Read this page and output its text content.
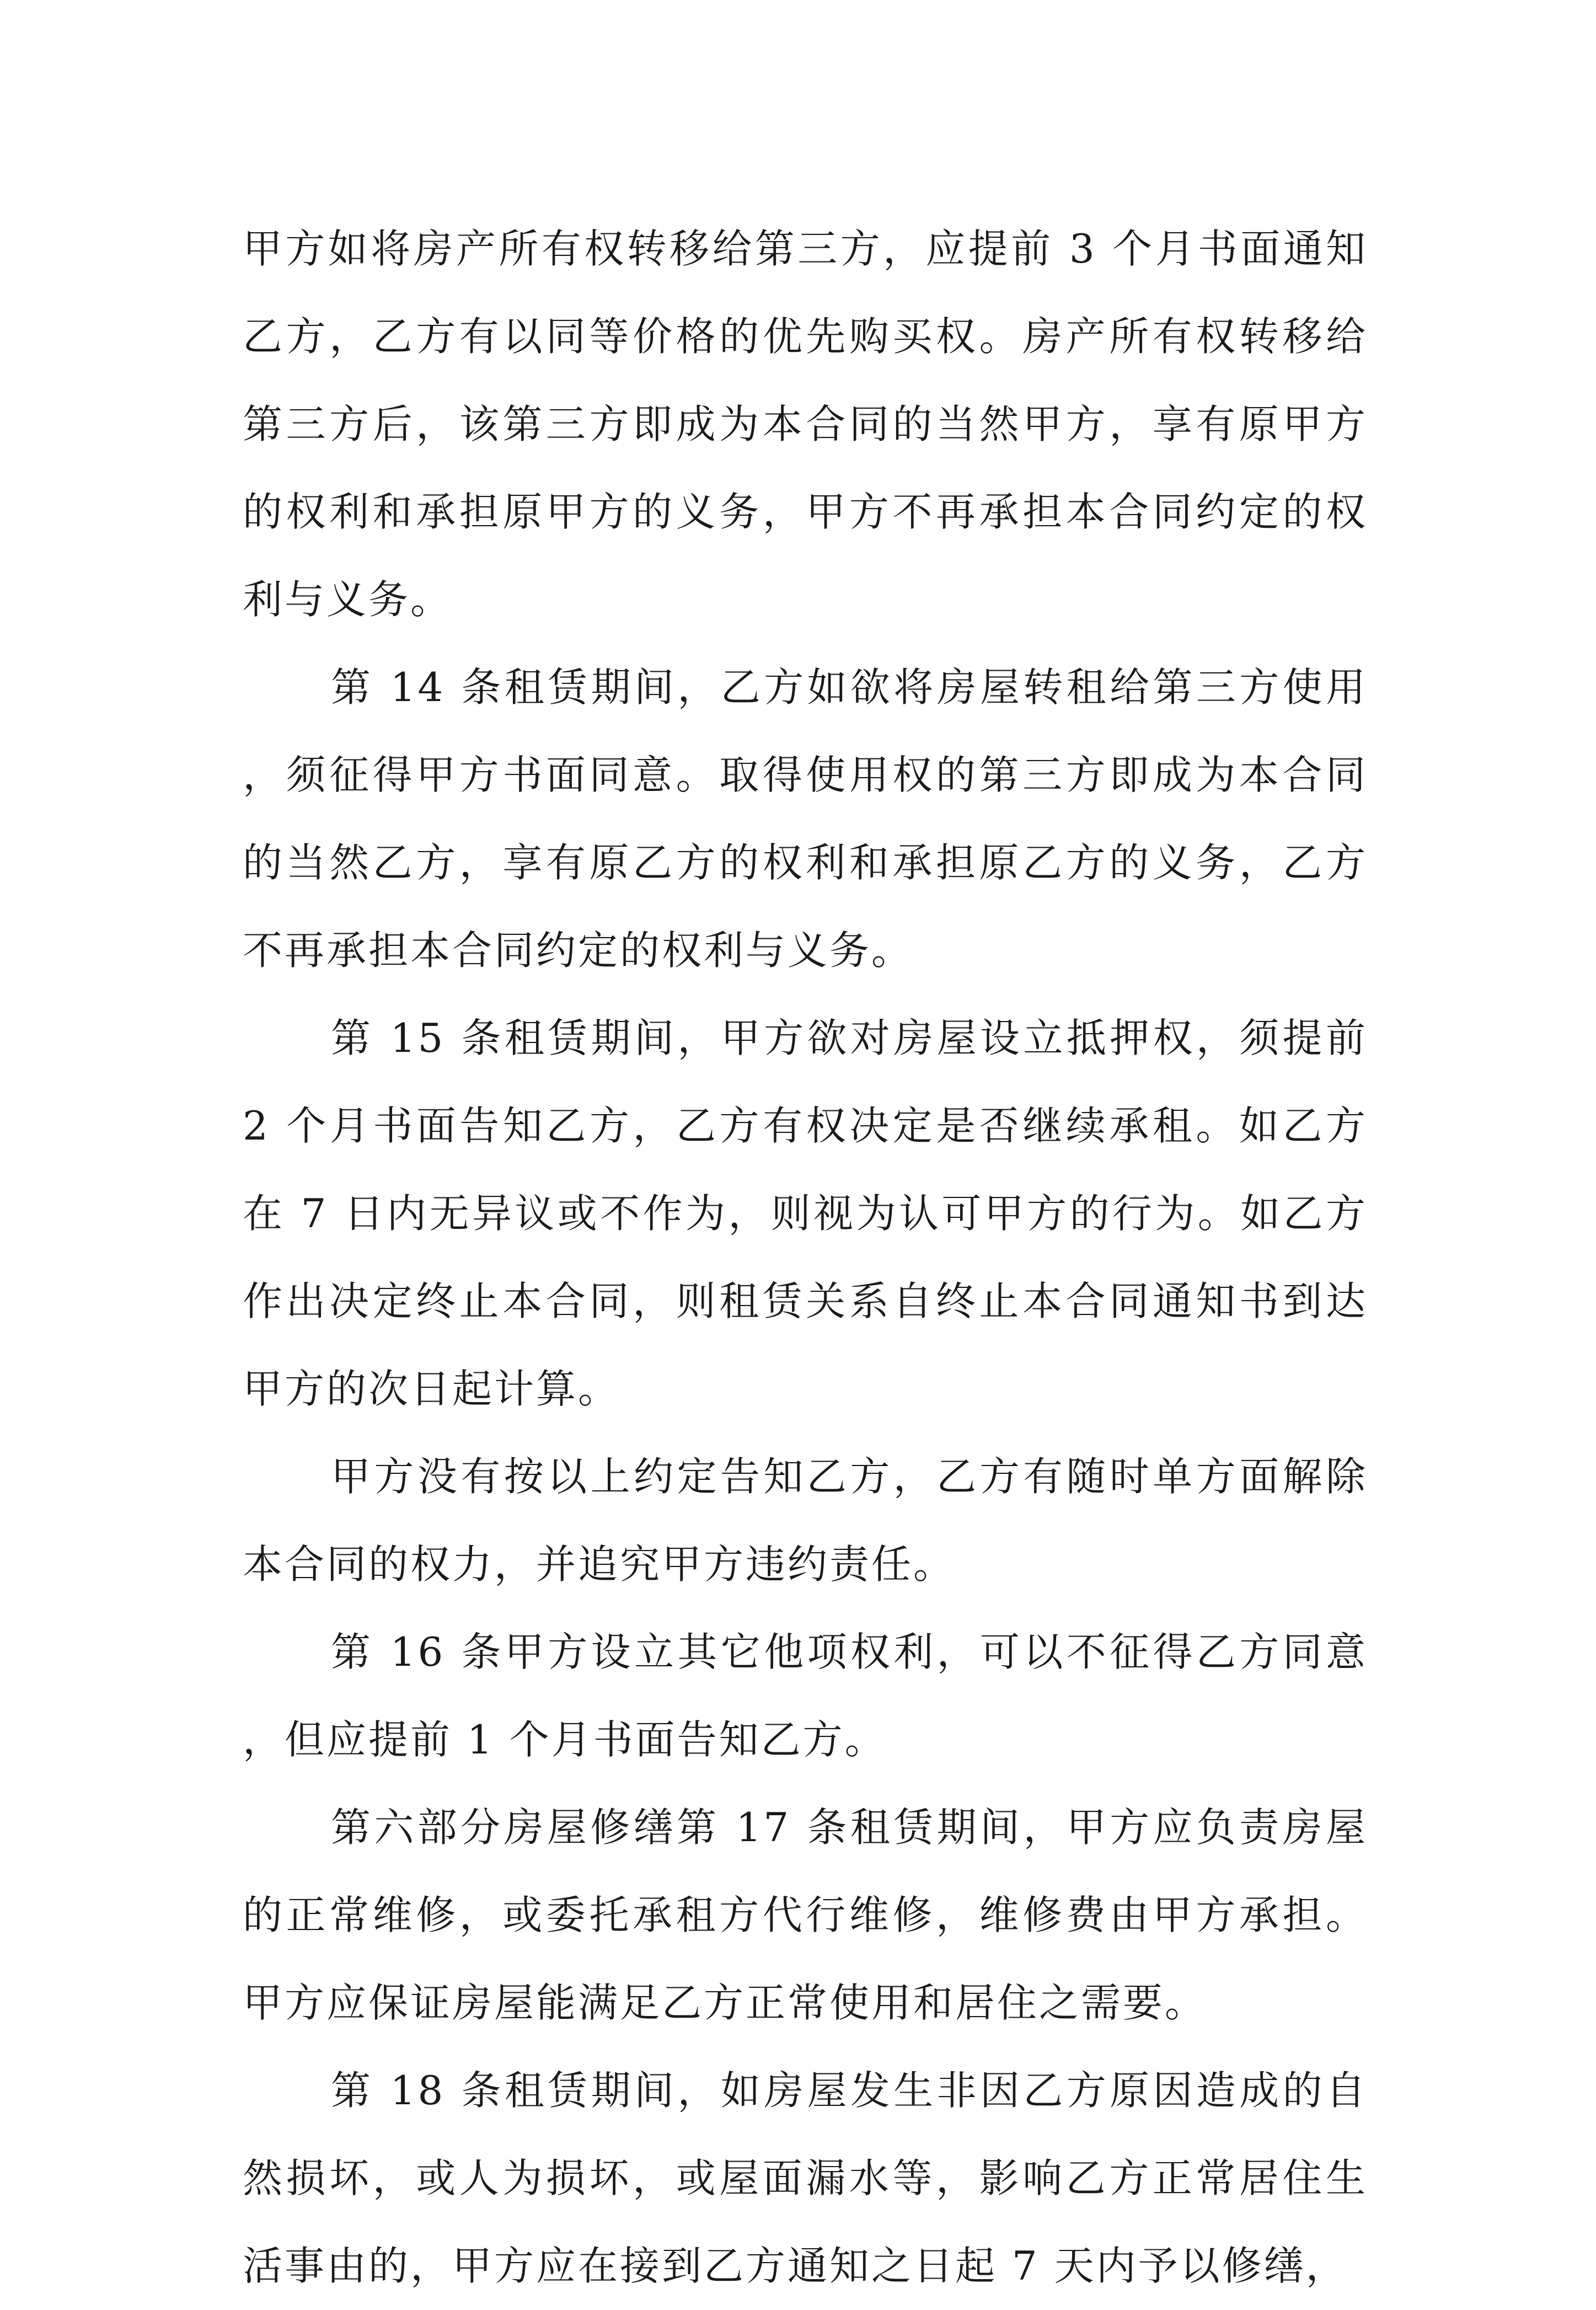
甲方如将房产所有权转移给第三方，应提前 3 个月书面通知乙方，乙方有以同等价格的优先购买权。房产所有权转移给第三方后，该第三方即成为本合同的当然甲方，享有原甲方的权利和承担原甲方的义务，甲方不再承担本合同约定的权利与义务。

第 14 条租赁期间，乙方如欲将房屋转租给第三方使用，须征得甲方书面同意。取得使用权的第三方即成为本合同的当然乙方，享有原乙方的权利和承担原乙方的义务，乙方不再承担本合同约定的权利与义务。

第 15 条租赁期间，甲方欲对房屋设立抵押权，须提前 2 个月书面告知乙方，乙方有权决定是否继续承租。如乙方在 7 日内无异议或不作为，则视为认可甲方的行为。如乙方作出决定终止本合同，则租赁关系自终止本合同通知书到达甲方的次日起计算。

甲方没有按以上约定告知乙方，乙方有随时单方面解除本合同的权力，并追究甲方违约责任。

第 16 条甲方设立其它他项权利，可以不征得乙方同意，但应提前 1 个月书面告知乙方。

第六部分房屋修缮第 17 条租赁期间，甲方应负责房屋的正常维修，或委托承租方代行维修，维修费由甲方承担。甲方应保证房屋能满足乙方正常使用和居住之需要。

第 18 条租赁期间，如房屋发生非因乙方原因造成的自然损坏，或人为损坏，或屋面漏水等，影响乙方正常居住生活事由的，甲方应在接到乙方通知之日起 7 天内予以修缮，
